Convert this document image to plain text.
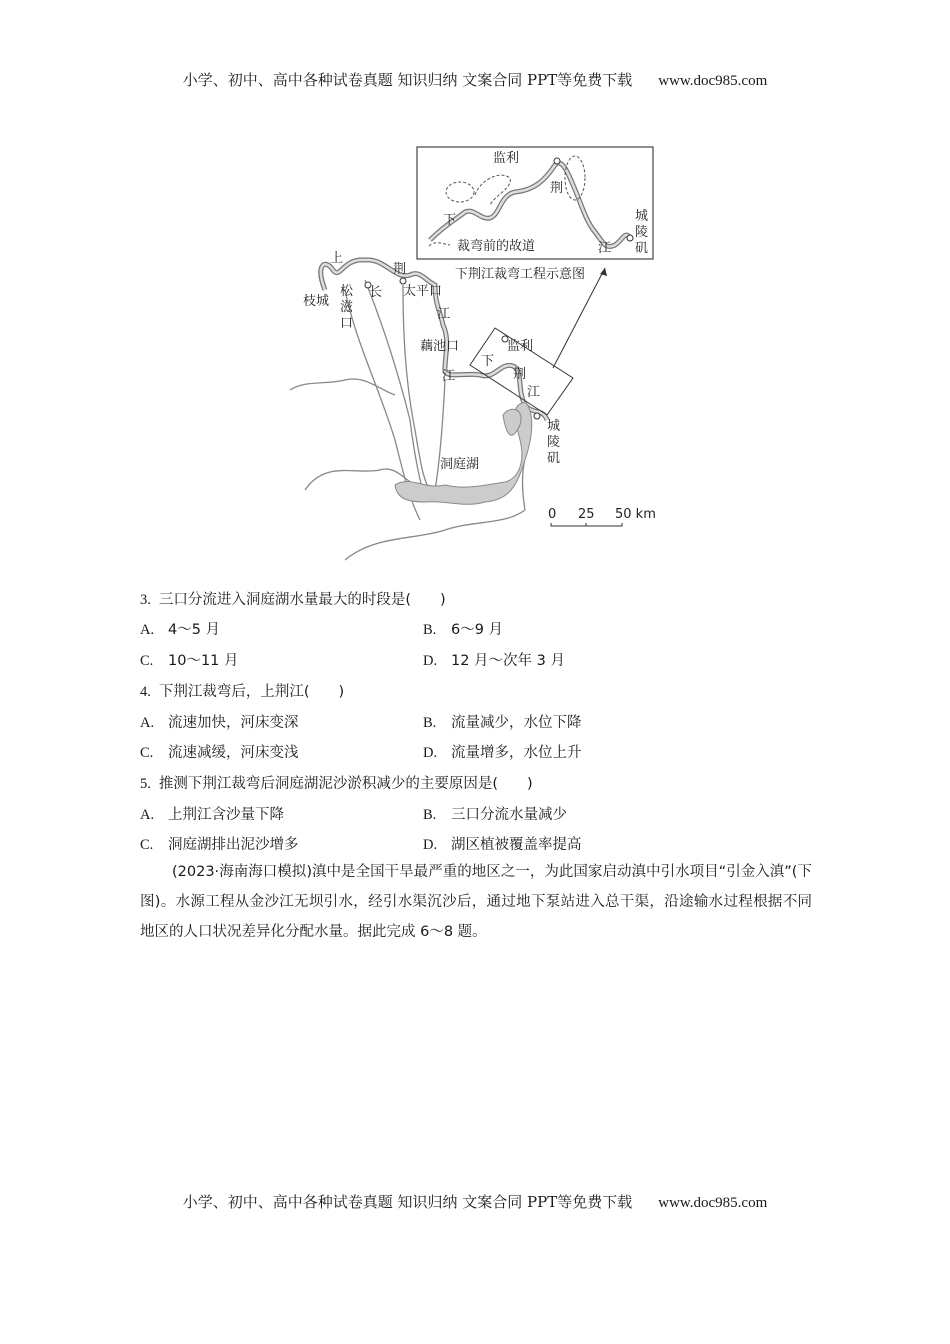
小学、初中、高中各种试卷真题 知识归纳 文案合同 PPT等免费下载 www.doc985.com
监利
荆
下
江
城
陵
矶
裁弯前的故道
下荆江裁弯工程示意图
上
荆
枝城
松
滋
口
长 太平口
江
藕池口
江
下
监利
荆
江
城
陵
矶
洞庭湖
0 25 50 km
3. 三口分流进入洞庭湖水量最大的时段是(　　)
A. 4～5 月	B. 6～9 月
C. 10～11 月	D. 12 月～次年 3 月
4. 下荆江裁弯后，上荆江(　　)
A. 流速加快，河床变深	B. 流量减少，水位下降
C. 流速减缓，河床变浅	D. 流量增多，水位上升
5. 推测下荆江裁弯后洞庭湖泥沙淤积减少的主要原因是(　　)
A. 上荆江含沙量下降	B. 三口分流水量减少
C. 洞庭湖排出泥沙增多	D. 湖区植被覆盖率提高
(2023·海南海口模拟)滇中是全国干旱最严重的地区之一，为此国家启动滇中引水项目“引金入滇”(下图)。水源工程从金沙江无坝引水，经引水渠沉沙后，通过地下泵站进入总干渠，沿途输水过程根据不同地区的人口状况差异化分配水量。据此完成 6～8 题。
小学、初中、高中各种试卷真题 知识归纳 文案合同 PPT等免费下载 www.doc985.com
